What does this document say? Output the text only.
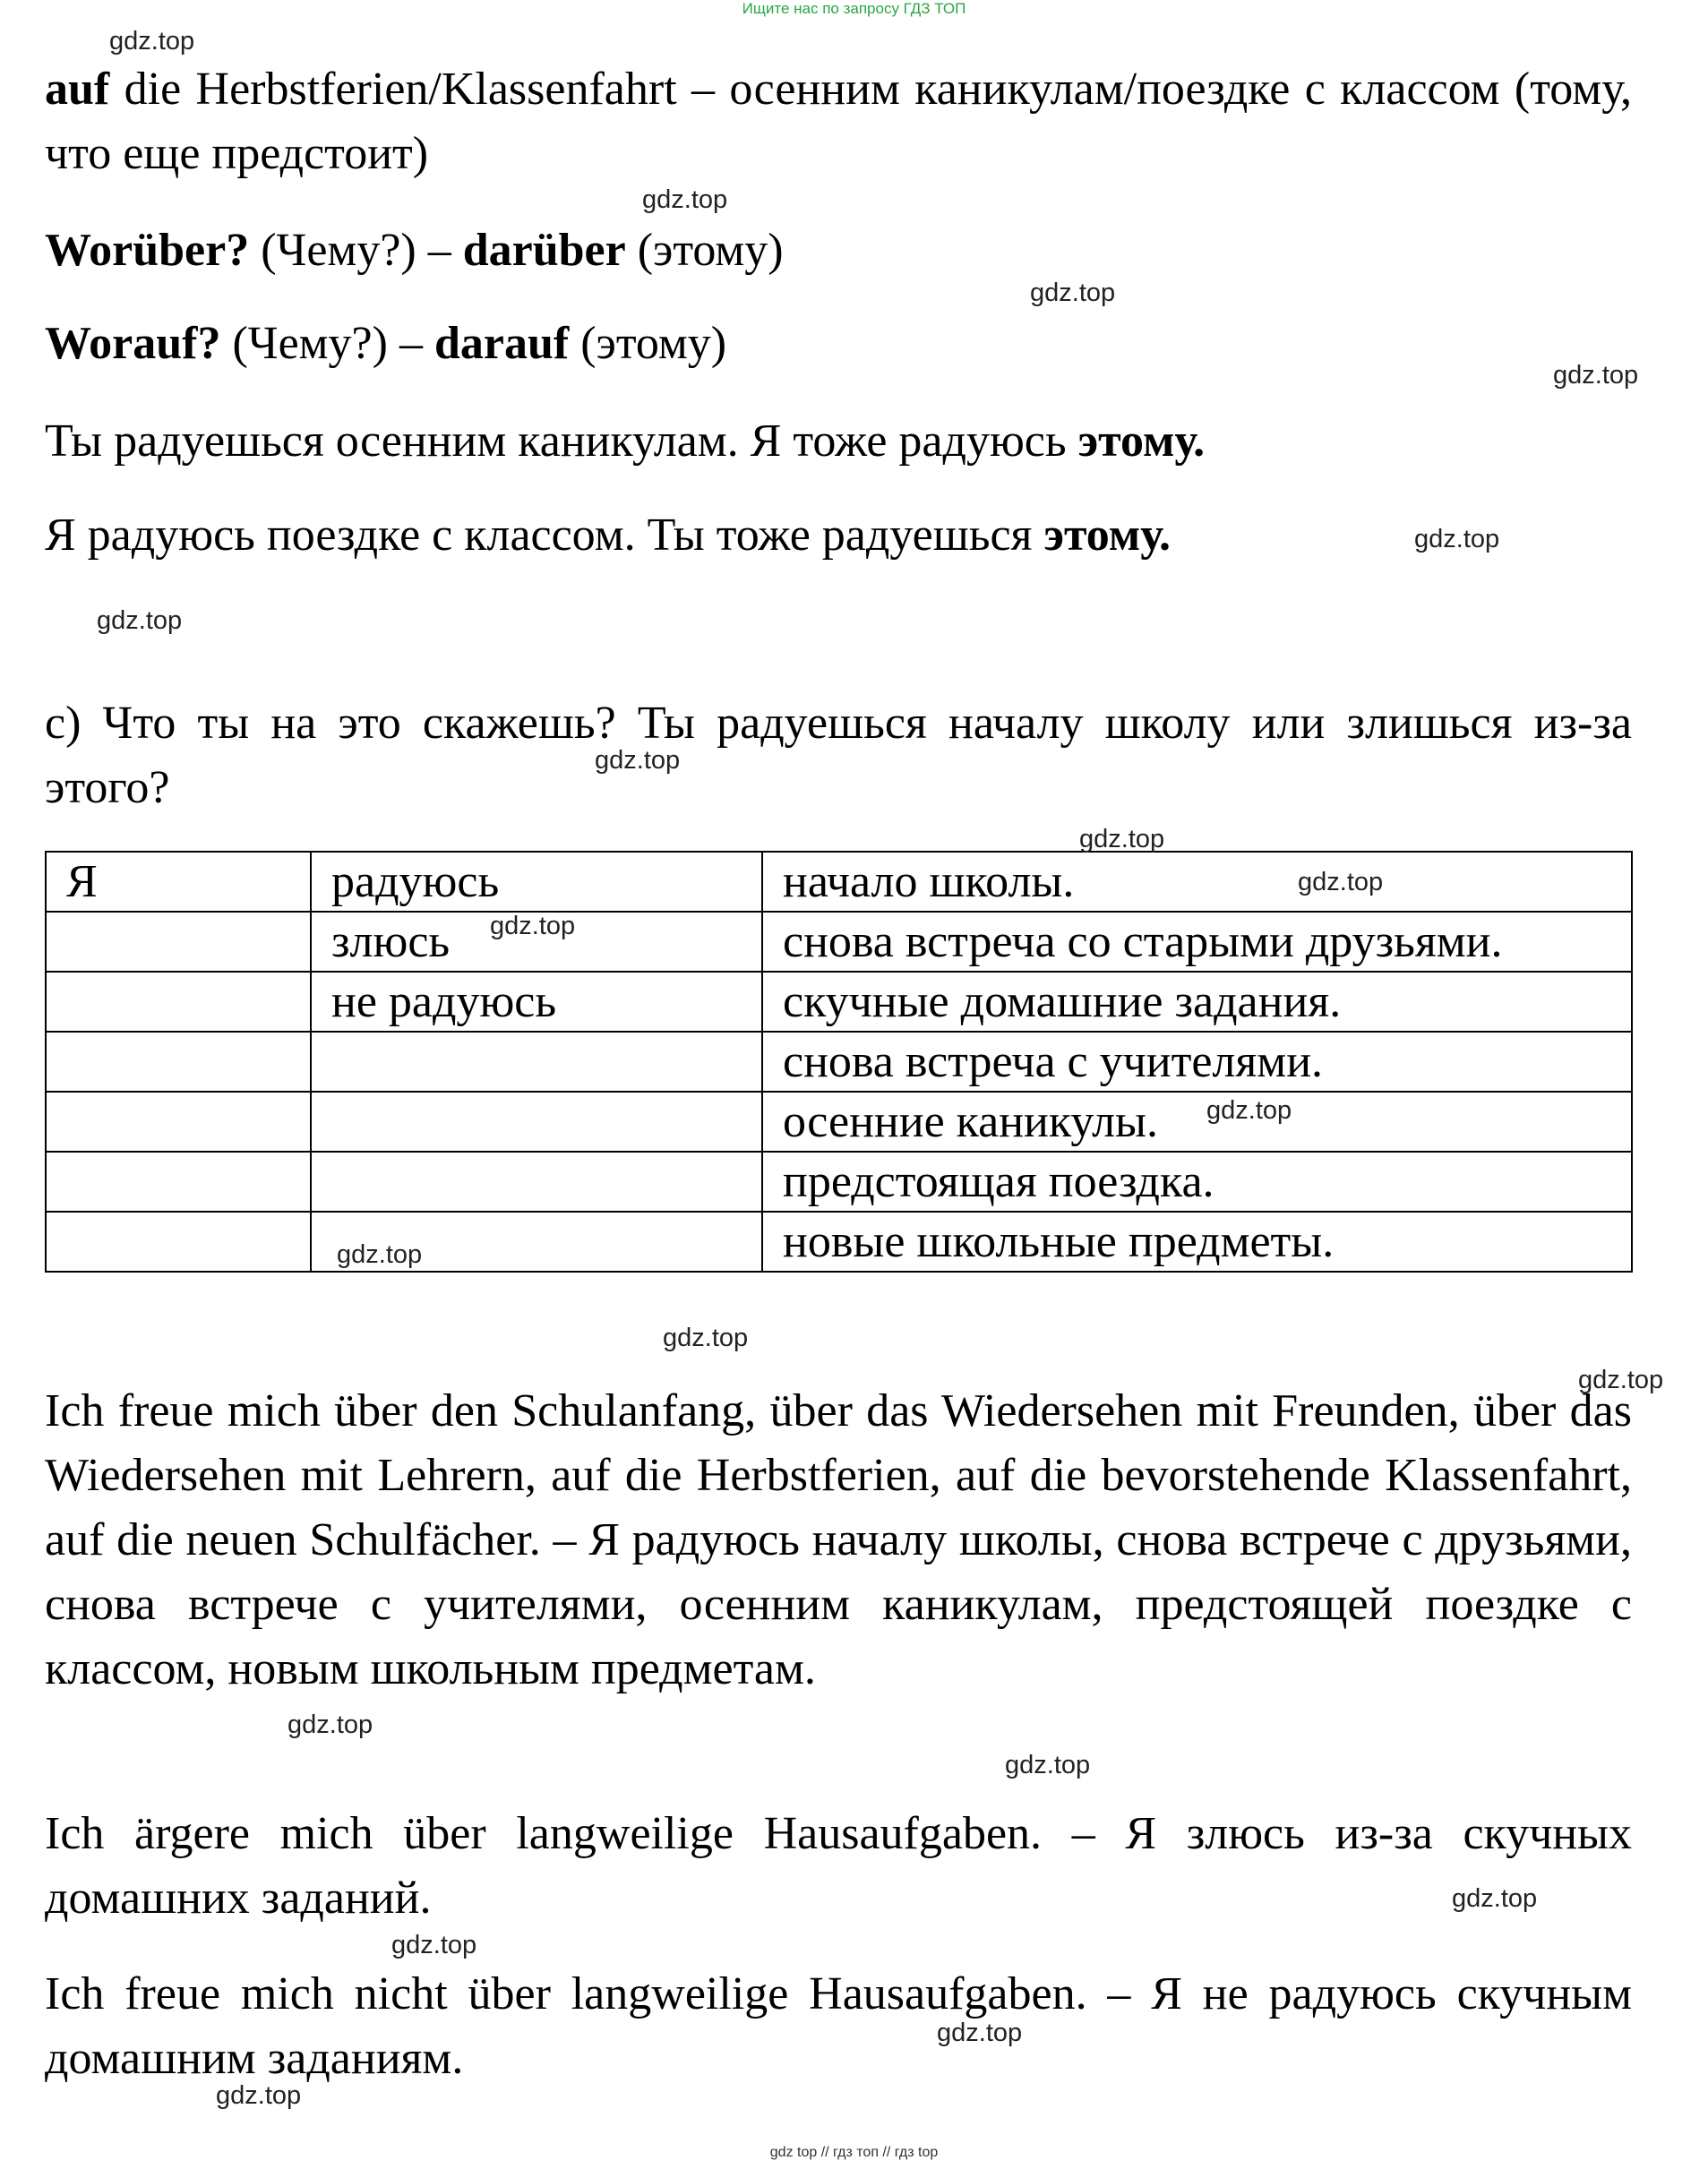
Ищите нас по запросу ГДЗ ТОП

auf die Herbstferien/Klassenfahrt – осенним каникулам/поездке с классом (тому, что еще предстоит)

Worüber? (Чему?) – darüber (этому)

Worauf? (Чему?) – darauf (этому)

Ты радуешься осенним каникулам. Я тоже радуюсь этому.

Я радуюсь поездке с классом. Ты тоже радуешься этому.

с) Что ты на это скажешь? Ты радуешься началу школу или злишься из-за этого?

Я	радуюсь	начало школы.
	злюсь	снова встреча со старыми друзьями.
	не радуюсь	скучные домашние задания.
		снова встреча с учителями.
		осенние каникулы.
		предстоящая поездка.
		новые школьные предметы.

Ich freue mich über den Schulanfang, über das Wiedersehen mit Freunden, über das Wiedersehen mit Lehrern, auf die Herbstferien, auf die bevorstehende Klassenfahrt, auf die neuen Schulfächer. – Я радуюсь началу школы, снова встрече с друзьями, снова встрече с учителями, осенним каникулам, предстоящей поездке с классом, новым школьным предметам.

Ich ärgere mich über langweilige Hausaufgaben. – Я злюсь из-за скучных домашних заданий.

Ich freue mich nicht über langweilige Hausaufgaben. – Я не радуюсь скучным домашним заданиям.

gdz.top
gdz.top
gdz.top
gdz.top
gdz.top
gdz.top
gdz.top
gdz.top
gdz.top
gdz.top
gdz.top
gdz.top
gdz.top
gdz.top
gdz.top
gdz.top
gdz.top
gdz.top
gdz.top
gdz.top
gdz top // гдз топ // гдз top
